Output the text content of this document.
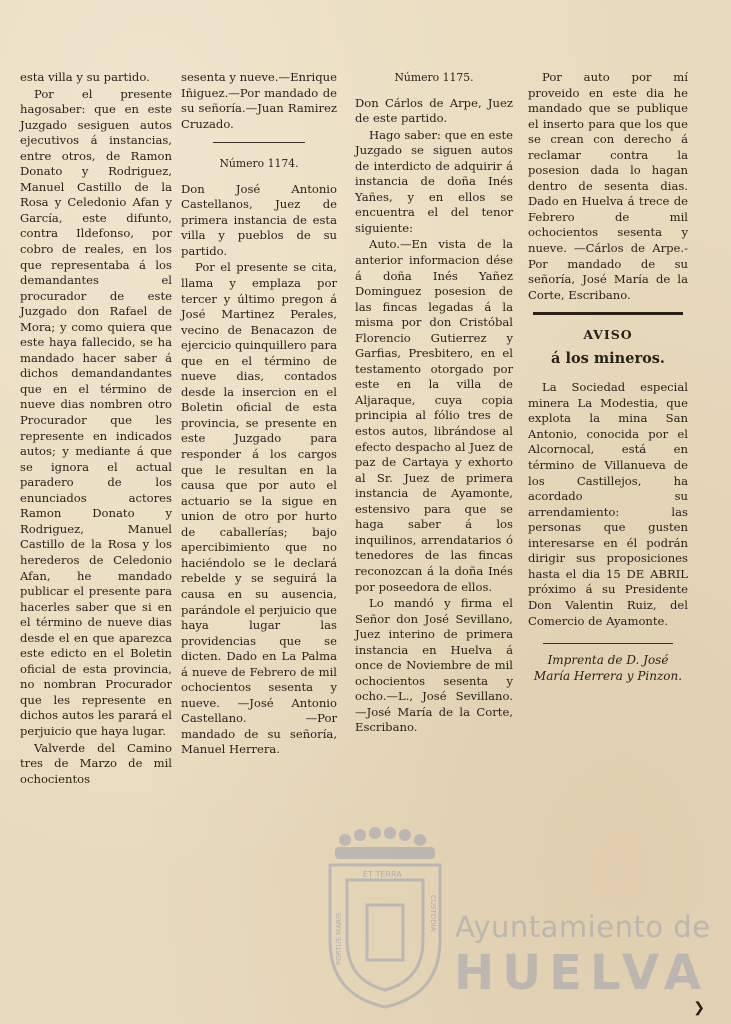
esta villa y su partido.

Por el presente hagosaber: que en este Juzgado sesiguen autos ejecutivos á instancias, entre otros, de Ramon Donato y Rodriguez, Manuel Castillo de la Rosa y Celedonio Afan y García, este difunto, contra Ildefonso, por cobro de reales, en los que representaba á los demandantes el procurador de este Juzgado don Rafael de Mora; y como quiera que este haya fallecido, se ha mandado hacer saber á dichos demandandantes que en el término de nueve dias nombren otro Procurador que les represente en indicados autos; y mediante á que se ignora el actual paradero de los enunciados actores Ramon Donato y Rodriguez, Manuel Castillo de la Rosa y los herederos de Celedonio Afan, he mandado publicar el presente para hacerles saber que si en el término de nueve dias desde el en que aparezca este edicto en el Boletin oficial de esta provincia, no nombran Procurador que les represente en dichos autos les parará el perjuicio que haya lugar.

Valverde del Camino tres de Marzo de mil ochocientos

sesenta y nueve.—Enrique Iñiguez.—Por mandado de su señoría.—Juan Ramirez Cruzado.

Número 1174.

Don José Antonio Castellanos, Juez de primera instancia de esta villa y pueblos de su partido.

Por el presente se cita, llama y emplaza por tercer y último pregon á José Martinez Perales, vecino de Benacazon de ejercicio quinquillero para que en el término de nueve dias, contados desde la insercion en el Boletin oficial de esta provincia, se presente en este Juzgado para responder á los cargos que le resultan en la causa que por auto el actuario se la sigue en union de otro por hurto de caballerías; bajo apercibimiento que no haciéndolo se le declará rebelde y se seguirá la causa en su ausencia, parándole el perjuicio que haya lugar las providencias que se dicten. Dado en La Palma á nueve de Febrero de mil ochocientos sesenta y nueve. —José Antonio Castellano. —Por mandado de su señoría, Manuel Herrera.

Número 1175.

Don Cárlos de Arpe, Juez de este partido.

Hago saber: que en este Juzgado se siguen autos de interdicto de adquirir á instancia de doña Inés Yañes, y en ellos se encuentra el del tenor siguiente:

Auto.—En vista de la anterior informacion dése á doña Inés Yañez Dominguez posesion de las fincas legadas á la misma por don Cristóbal Florencio Gutierrez y Garfias, Presbitero, en el testamento otorgado por este en la villa de Aljaraque, cuya copia principia al fólio tres de estos autos, librándose al efecto despacho al Juez de paz de Cartaya y exhorto al Sr. Juez de primera instancia de Ayamonte, estensivo para que se haga saber á los inquilinos, arrendatarios ó tenedores de las fincas reconozcan á la doña Inés por poseedora de ellos.

Lo mandó y firma el Señor don José Sevillano, Juez interino de primera instancia en Huelva á once de Noviembre de mil ochocientos sesenta y ocho.—L., José Sevillano. —José María de la Corte, Escribano.

Por auto por mí proveido en este dia he mandado que se publique el inserto para que los que se crean con derecho á reclamar contra la posesion dada lo hagan dentro de sesenta dias. Dado en Huelva á trece de Febrero de mil ochocientos sesenta y nueve. —Cárlos de Arpe.-Por mandado de su señoría, José María de la Corte, Escribano.

AVISO

á los mineros.

La Sociedad especial minera La Modestia, que explota la mina San Antonio, conocida por el Alcornocal, está en término de Villanueva de los Castillejos, ha acordado su arrendamiento: las personas que gusten interesarse en él podrán dirigir sus proposiciones hasta el dia 15 DE ABRIL próximo á su Presidente Don Valentin Ruiz, del Comercio de Ayamonte.

Imprenta de D. José María Herrera y Pinzon.

ET TERRA
PORTUS MARIS	CUSTODIA Ayuntamiento de
HUELVA
❯
